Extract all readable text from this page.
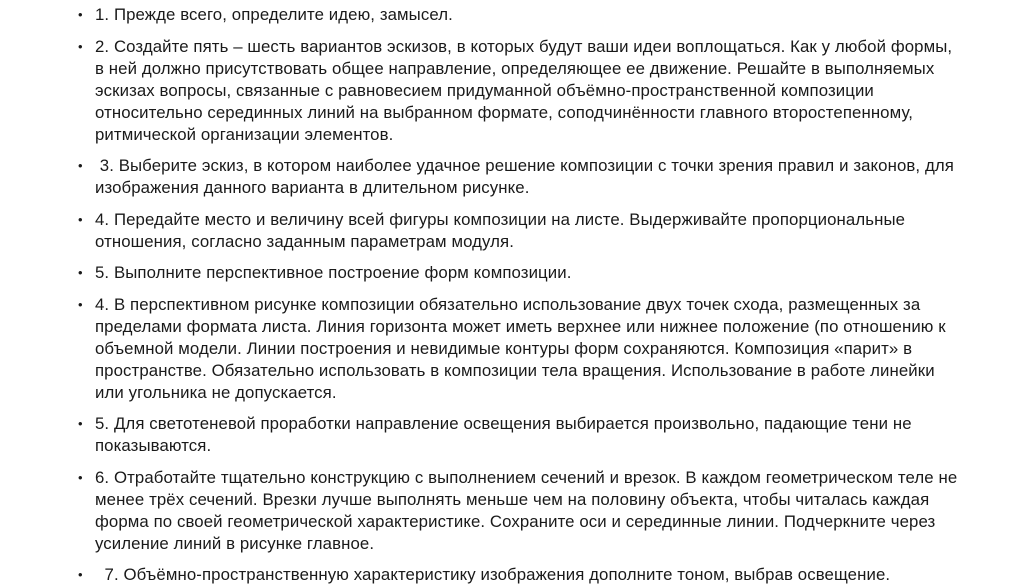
• 1. Прежде всего, определите идею, замысел.
• 2. Создайте пять – шесть вариантов эскизов, в которых будут ваши идеи воплощаться. Как у любой формы, в ней должно присутствовать общее направление, определяющее ее движение. Решайте в выполняемых эскизах вопросы, связанные с равновесием придуманной объёмно-пространственной композиции относительно серединных линий на выбранном формате, соподчинённости главного второстепенному, ритмической организации элементов.
• 3. Выберите эскиз, в котором наиболее удачное решение композиции с точки зрения правил и законов, для изображения данного варианта в длительном рисунке.
• 4. Передайте место и величину всей фигуры композиции на листе. Выдерживайте пропорциональные отношения, согласно заданным параметрам модуля.
• 5. Выполните перспективное построение форм композиции.
• 4. В перспективном рисунке композиции обязательно использование двух точек схода, размещенных за пределами формата листа. Линия горизонта может иметь верхнее или нижнее положение (по отношению к объемной модели. Линии построения и невидимые контуры форм сохраняются. Композиция «парит» в пространстве. Обязательно использовать в композиции тела вращения. Использование в работе линейки или угольника не допускается.
• 5. Для светотеневой проработки направление освещения выбирается произвольно, падающие тени не показываются.
• 6. Отработайте тщательно конструкцию с выполнением сечений и врезок. В каждом геометрическом теле не менее трёх сечений. Врезки лучше выполнять меньше чем на половину объекта, чтобы читалась каждая форма по своей геометрической характеристике. Сохраните оси и серединные линии. Подчеркните через усиление линий в рисунке главное.
• 7. Объёмно-пространственную характеристику изображения дополните тоном, выбрав освещение.
